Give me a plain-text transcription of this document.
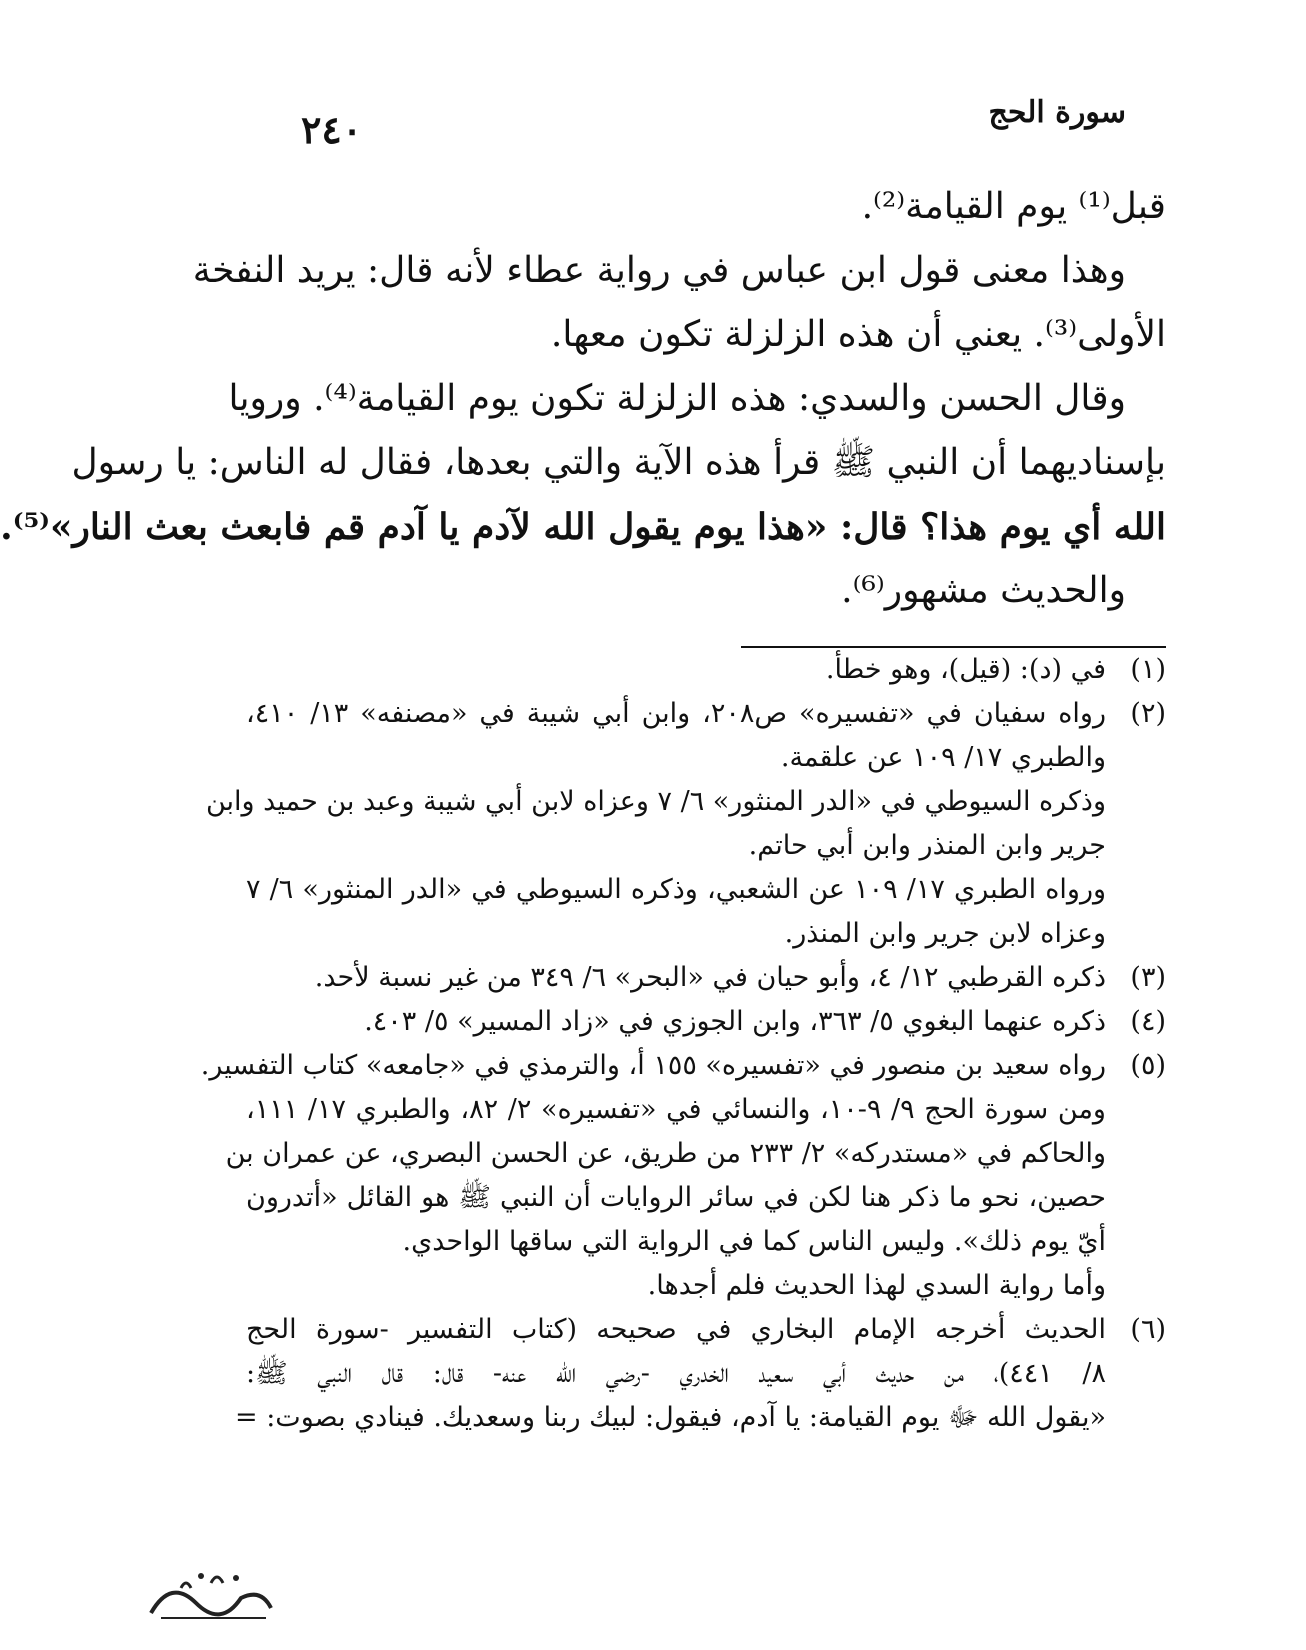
٢٤٠	سورة الحج
قبل⁽¹⁾ يوم القيامة⁽²⁾.
وهذا معنى قول ابن عباس في رواية عطاء لأنه قال: يريد النفخة
الأولى⁽³⁾. يعني أن هذه الزلزلة تكون معها.
وقال الحسن والسدي: هذه الزلزلة تكون يوم القيامة⁽⁴⁾. ورويا
بإسناديهما أن النبي ﷺ قرأ هذه الآية والتي بعدها، فقال له الناس: يا رسول
الله أي يوم هذا؟ قال: «هذا يوم يقول الله لآدم يا آدم قم فابعث بعث النار»⁽⁵⁾.
والحديث مشهور⁽⁶⁾.
(١)
في (د): (قيل)، وهو خطأ.
(٢)
رواه سفيان في «تفسيره» ص٢٠٨، وابن أبي شيبة في «مصنفه» ١٣/ ٤١٠،
والطبري ١٧/ ١٠٩ عن علقمة.
وذكره السيوطي في «الدر المنثور» ٦/ ٧ وعزاه لابن أبي شيبة وعبد بن حميد وابن
جرير وابن المنذر وابن أبي حاتم.
ورواه الطبري ١٧/ ١٠٩ عن الشعبي، وذكره السيوطي في «الدر المنثور» ٦/ ٧
وعزاه لابن جرير وابن المنذر.
(٣)
ذكره القرطبي ١٢/ ٤، وأبو حيان في «البحر» ٦/ ٣٤٩ من غير نسبة لأحد.
(٤)
ذكره عنهما البغوي ٥/ ٣٦٣، وابن الجوزي في «زاد المسير» ٥/ ٤٠٣.
(٥)
رواه سعيد بن منصور في «تفسيره» ١٥٥ أ، والترمذي في «جامعه» كتاب التفسير.
ومن سورة الحج ٩/ ٩-١٠، والنسائي في «تفسيره» ٢/ ٨٢، والطبري ١٧/ ١١١،
والحاكم في «مستدركه» ٢/ ٢٣٣ من طريق، عن الحسن البصري، عن عمران بن
حصين، نحو ما ذكر هنا لكن في سائر الروايات أن النبي ﷺ هو القائل «أتدرون
أيّ يوم ذلك». وليس الناس كما في الرواية التي ساقها الواحدي.
وأما رواية السدي لهذا الحديث فلم أجدها.
(٦)
الحديث أخرجه الإمام البخاري في صحيحه (كتاب التفسير -سورة الحج
٨/ ٤٤١)، من حديث أبي سعيد الخدري -رضي الله عنه- قال: قال النبي ﷺ:
«يقول الله ﷻ يوم القيامة: يا آدم، فيقول: لبيك ربنا وسعديك. فينادي بصوت: =
